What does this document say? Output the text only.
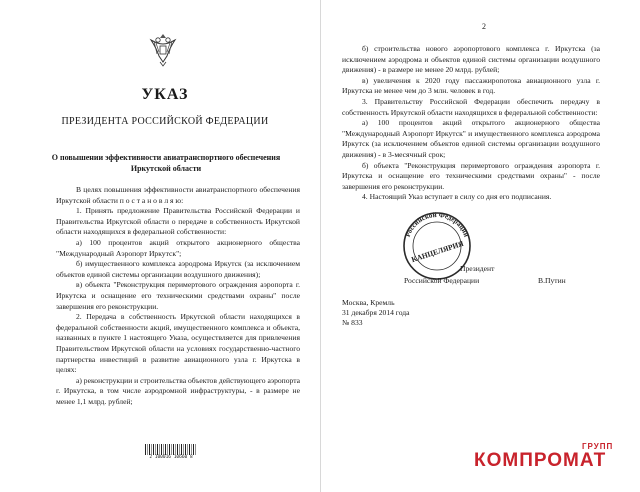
УКАЗ
ПРЕЗИДЕНТА РОССИЙСКОЙ ФЕДЕРАЦИИ
О повышении эффективности авиатранспортного обеспечения Иркутской области

В целях повышения эффективности авиатранспортного обеспечения Иркутской области п о с т а н о в л я ю:

1. Принять предложение Правительства Российской Федерации и Правительства Иркутской области о передаче в собственность Иркутской области находящихся в федеральной собственности:

а) 100 процентов акций открытого акционерного общества "Международный Аэропорт Иркутск";

б) имущественного комплекса аэродрома Иркутск (за исключением объектов единой системы организации воздушного движения);

в) объекта "Реконструкция перимертового ограждения аэропорта г. Иркутска и оснащение его техническими средствами охраны" после завершения его реконструкции.

2. Передача в собственность Иркутской области находящихся в федеральной собственности акций, имущественного комплекса и объекта, названных в пункте 1 настоящего Указа, осуществляется для привлечения Правительством Иркутской области на условиях государственно-частного партнерства инвестиций в развитие авиационного узла г. Иркутска в целях:

а) реконструкции и строительства объектов действующего аэропорта г. Иркутска, в том числе аэродромной инфраструктуры, - в размере не менее 1,1 млрд. рублей;

2 100016 10660 8
2

б) строительства нового аэропортового комплекса г. Иркутска (за исключением аэродрома и объектов единой системы организации воздушного движения) - в размере не менее 20 млрд. рублей;

в) увеличения к 2020 году пассажиропотока авиационного узла г. Иркутска не менее чем до 3 млн. человек в год.

3. Правительству Российской Федерации обеспечить передачу в собственность Иркутской области находящихся в федеральной собственности:

а) 100 процентов акций открытого акционерного общества "Международный Аэропорт Иркутск" и имущественного комплекса аэродрома Иркутск (за исключением объектов единой системы организации воздушного движения) - в 3-месячный срок;

б) объекта "Реконструкция перимертового ограждения аэропорта г. Иркутска и оснащение его техническими средствами охраны" - после завершения его реконструкции.

4. Настоящий Указ вступает в силу со дня его подписания.

Российской Федерации
КАНЦЕЛЯРИЯ
Президент
Российской Федерации	В.Путин
Москва, Кремль
31 декабря 2014 года
№ 833
ГРУПП
КОМПРОМАТ
